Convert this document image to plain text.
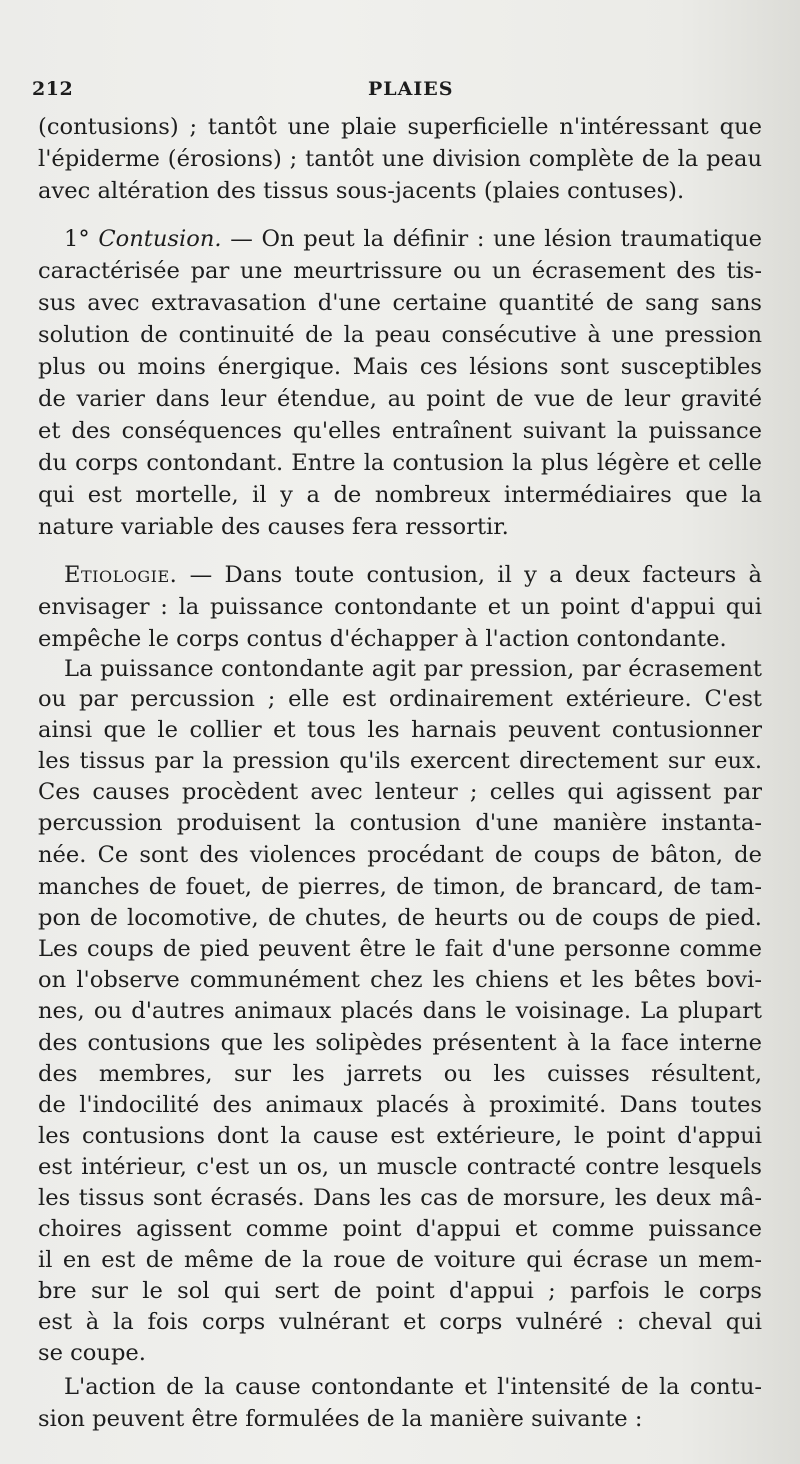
212	PLAIES
(contusions) ; tantôt une plaie superficielle n'intéressant que
l'épiderme (érosions) ; tantôt une division complète de la peau
avec altération des tissus sous-jacents (plaies contuses).
1° Contusion. — On peut la définir : une lésion traumatique
caractérisée par une meurtrissure ou un écrasement des tis-
sus avec extravasation d'une certaine quantité de sang sans
solution de continuité de la peau consécutive à une pression
plus ou moins énergique. Mais ces lésions sont susceptibles
de varier dans leur étendue, au point de vue de leur gravité
et des conséquences qu'elles entraînent suivant la puissance
du corps contondant. Entre la contusion la plus légère et celle
qui est mortelle, il y a de nombreux intermédiaires que la
nature variable des causes fera ressortir.
Etiologie. — Dans toute contusion, il y a deux facteurs à
envisager : la puissance contondante et un point d'appui qui
empêche le corps contus d'échapper à l'action contondante.
La puissance contondante agit par pression, par écrasement
ou par percussion ; elle est ordinairement extérieure. C'est
ainsi que le collier et tous les harnais peuvent contusionner
les tissus par la pression qu'ils exercent directement sur eux.
Ces causes procèdent avec lenteur ; celles qui agissent par
percussion produisent la contusion d'une manière instanta-
née. Ce sont des violences procédant de coups de bâton, de
manches de fouet, de pierres, de timon, de brancard, de tam-
pon de locomotive, de chutes, de heurts ou de coups de pied.
Les coups de pied peuvent être le fait d'une personne comme
on l'observe communément chez les chiens et les bêtes bovi-
nes, ou d'autres animaux placés dans le voisinage. La plupart
des contusions que les solipèdes présentent à la face interne
des membres, sur les jarrets ou les cuisses résultent,
de l'indocilité des animaux placés à proximité. Dans toutes
les contusions dont la cause est extérieure, le point d'appui
est intérieur, c'est un os, un muscle contracté contre lesquels
les tissus sont écrasés. Dans les cas de morsure, les deux mâ-
choires agissent comme point d'appui et comme puissance
il en est de même de la roue de voiture qui écrase un mem-
bre sur le sol qui sert de point d'appui ; parfois le corps
est à la fois corps vulnérant et corps vulnéré : cheval qui
se coupe.
L'action de la cause contondante et l'intensité de la contu-
sion peuvent être formulées de la manière suivante :
